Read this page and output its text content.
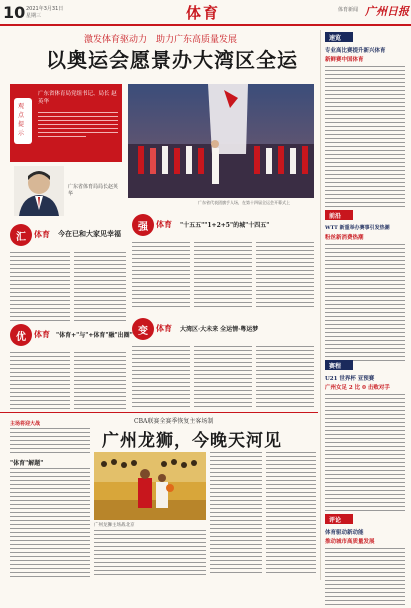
10 2021年3月31日
星期三	体育	体育新闻 广州日报
激发体育驱动力　助力广东高质量发展
以奥运会愿景办大湾区全运
观点提示
广东省体育局党组书记、局长 赵英华
广东省体育局局长赵英华
广东省代表团旗手人场，在第十四届全运会开幕式上
汇 体育 今在已和大家见幸福
优 体育 "体育+"与"+体育"融"出圈"
强 体育 "十五五""1+2+5"的城"十四五"
变 体育 大湾区·大未来 全运情·粤运梦
速览
专业高比赛提升新兴体育
新鲜赛中国体育
前沿
WTT 新重举办赛事引发热潮
粉丝新消费热潮
赛程
U21 世界杯 亚预赛
广州女足 2 比 0 击败对手
评论
体育驱动新动能
推动城市高质量发展
CBA联赛全赛季恢复主客场制
广州龙狮，今晚天河见
主场将迎大战
"体育"解题"
广州龙狮主场战北京
